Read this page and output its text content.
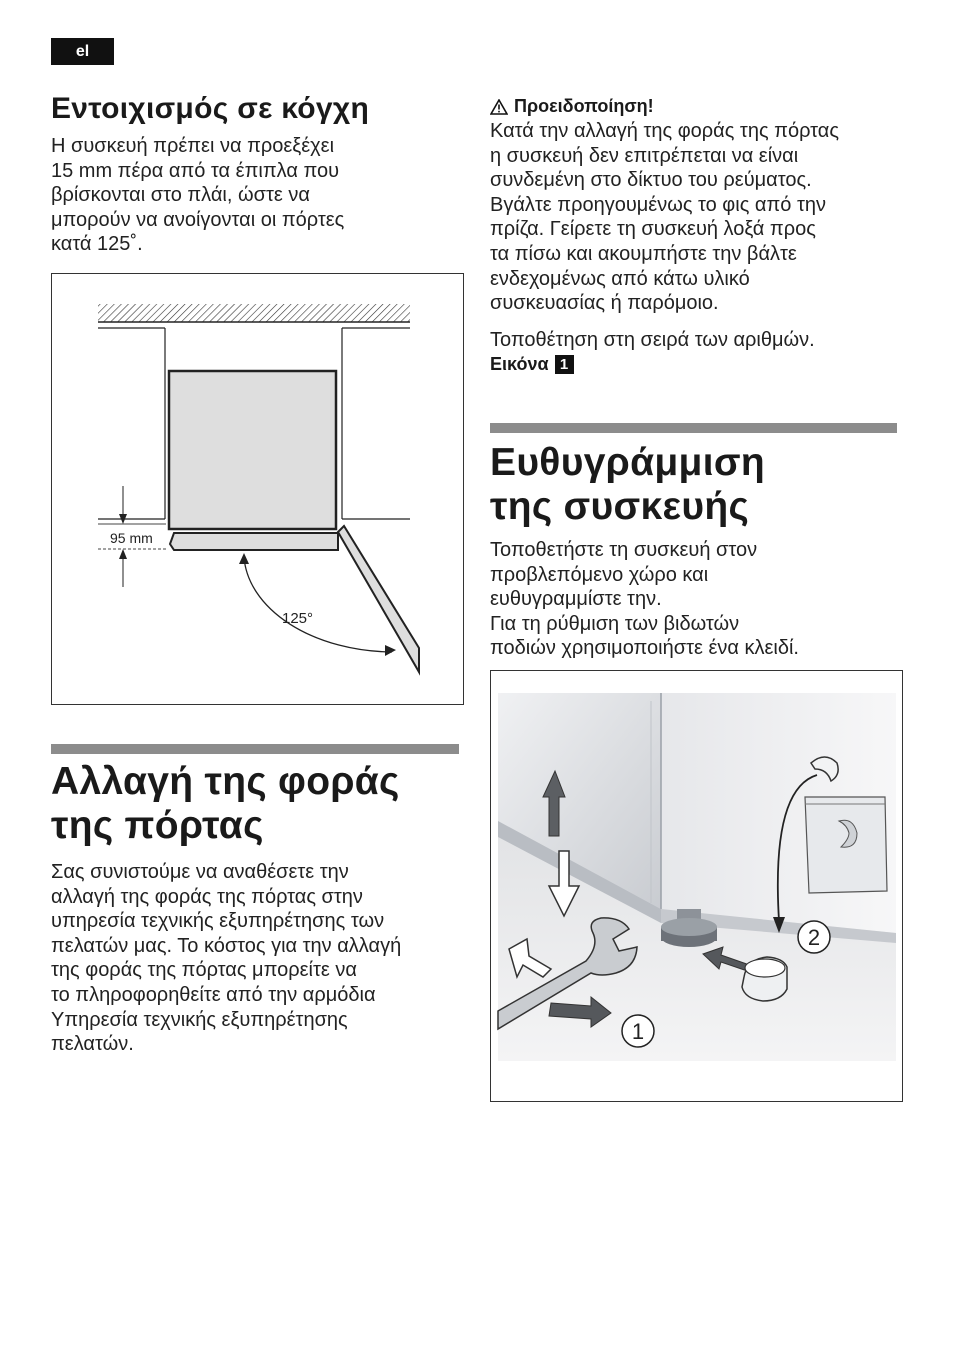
el
Εντοιχισμός σε κόγχη

Η συσκευή πρέπει να προεξέχει
15 mm πέρα από τα έπιπλα που
βρίσκονται στο πλάι, ώστε να
μπορούν να ανοίγονται οι πόρτες
κατά 125˚.

95 mm
125°
Αλλαγή της φοράς
της πόρτας

Σας συνιστούμε να αναθέσετε την
αλλαγή της φοράς της πόρτας στην
υπηρεσία τεχνικής εξυπηρέτησης των
πελατών μας. Το κόστος για την αλλαγή
της φοράς της πόρτας μπορείτε να
το πληροφορηθείτε από την αρμόδια
Υπηρεσία τεχνικής εξυπηρέτησης
πελατών.

Προειδοποίηση!

Κατά την αλλαγή της φοράς της πόρτας
η συσκευή δεν επιτρέπεται να είναι
συνδεμένη στο δίκτυο του ρεύματος.
Βγάλτε προηγουμένως το φις από την
πρίζα. Γείρετε τη συσκευή λοξά προς
τα πίσω και ακουμπήστε την βάλτε
ενδεχομένως από κάτω υλικό
συσκευασίας ή παρόμοιο.

Τοποθέτηση στη σειρά των αριθμών.

Εικόνα 1
Ευθυγράμμιση
της συσκευής

Τοποθετήστε τη συσκευή στον
προβλεπόμενο χώρο και
ευθυγραμμίστε την.
Για τη ρύθμιση των βιδωτών
ποδιών χρησιμοποιήστε ένα κλειδί.

2
1
